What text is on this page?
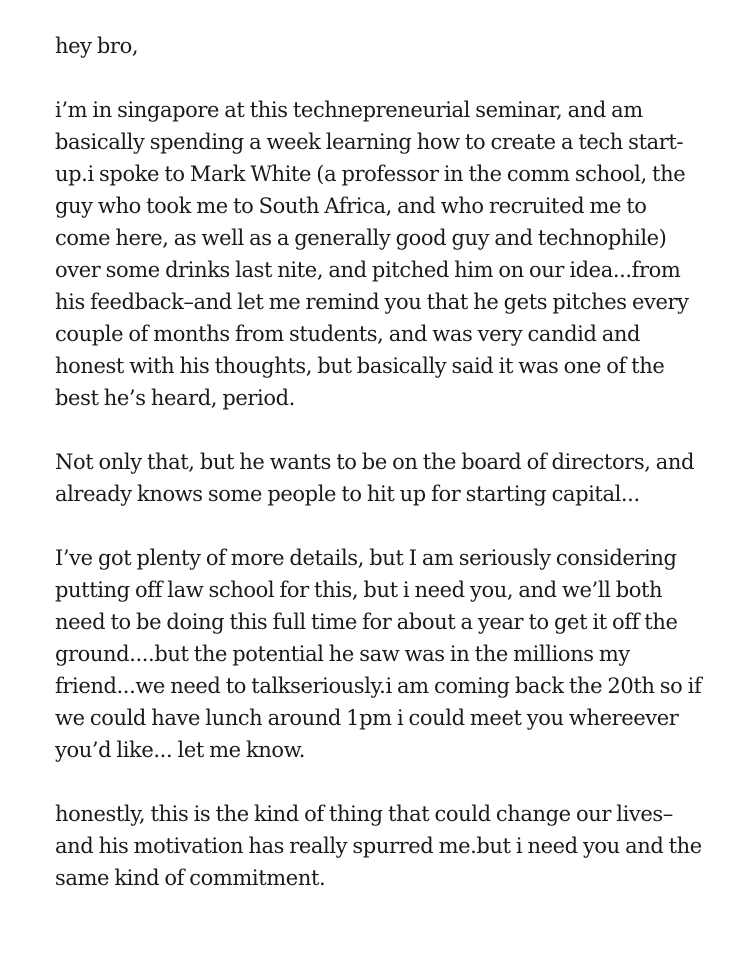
hey bro,

i’m in singapore at this technepreneurial seminar, and am basically spending a week learning how to create a tech start-up.i spoke to Mark White (a professor in the comm school, the guy who took me to South Africa, and who recruited me to come here, as well as a generally good guy and technophile) over some drinks last nite, and pitched him on our idea...from his feedback–and let me remind you that he gets pitches every couple of months from students, and was very candid and honest with his thoughts, but basically said it was one of the best he’s heard, period.

Not only that, but he wants to be on the board of directors, and already knows some people to hit up for starting capital...

I’ve got plenty of more details, but I am seriously considering putting off law school for this, but i need you, and we’ll both need to be doing this full time for about a year to get it off the ground....but the potential he saw was in the millions my friend...we need to talkseriously.i am coming back the 20th so if we could have lunch around 1pm i could meet you whereever you’d like... let me know.

honestly, this is the kind of thing that could change our lives–and his motivation has really spurred me.but i need you and the same kind of commitment.
